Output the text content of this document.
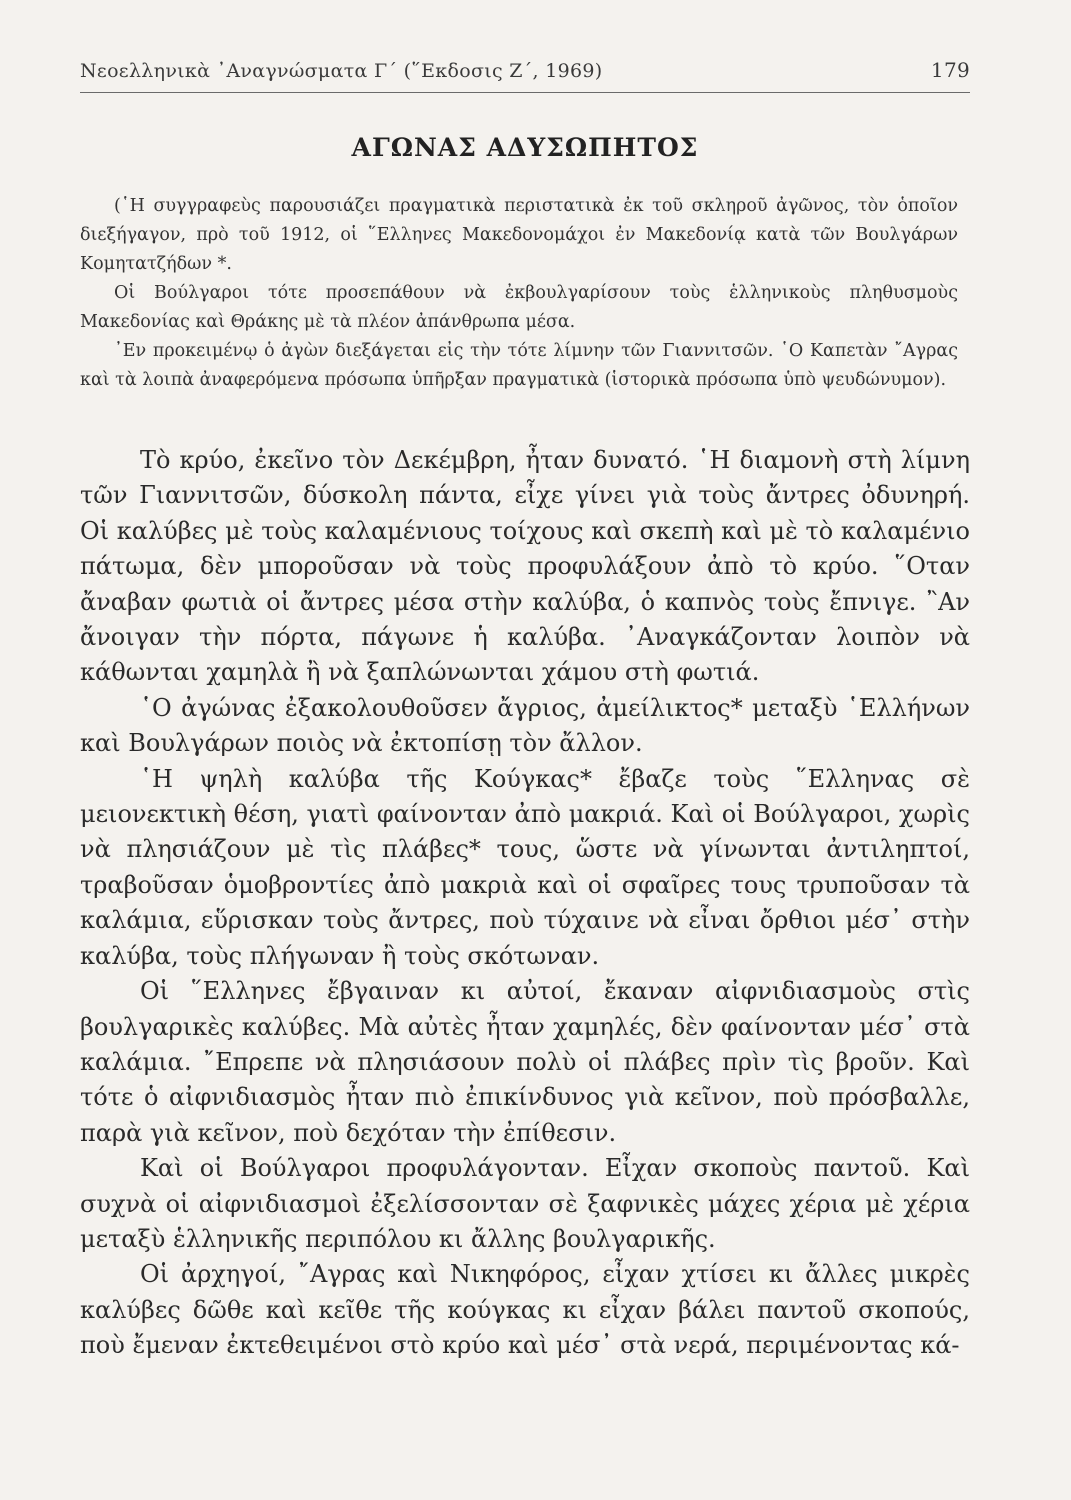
Νεοελληνικὰ ᾿Αναγνώσματα Γ΄ (῞Εκδοσις Ζ΄, 1969)	179
ΑΓΩΝΑΣ ΑΔΥΣΩΠΗΤΟΣ

(῾Η συγγραφεὺς παρουσιάζει πραγματικὰ περιστατικὰ ἐκ τοῦ σκληροῦ ἀγῶνος, τὸν ὁποῖον διεξήγαγον, πρὸ τοῦ 1912, οἱ ῞Ελληνες Μακεδονομάχοι ἐν Μακεδονίᾳ κατὰ τῶν Βουλγάρων Κομητατζήδων *.

Οἱ Βούλγαροι τότε προσεπάθουν νὰ ἐκβουλγαρίσουν τοὺς ἑλληνικοὺς πληθυσμοὺς Μακεδονίας καὶ Θράκης μὲ τὰ πλέον ἀπάνθρωπα μέσα.

᾿Εν προκειμένῳ ὁ ἀγὼν διεξάγεται εἰς τὴν τότε λίμνην τῶν Γιαννιτσῶν. ῾Ο Καπετὰν ῎Αγρας καὶ τὰ λοιπὰ ἀναφερόμενα πρόσωπα ὑπῆρξαν πραγματικὰ (ἱστορικὰ πρόσωπα ὑπὸ ψευδώνυμον).

Τὸ κρύο, ἐκεῖνο τὸν Δεκέμβρη, ἦταν δυνατό. ῾Η διαμονὴ στὴ λίμνη τῶν Γιαννιτσῶν, δύσκολη πάντα, εἶχε γίνει γιὰ τοὺς ἄντρες ὀδυνηρή. Οἱ καλύβες μὲ τοὺς καλαμένιους τοίχους καὶ σκεπὴ καὶ μὲ τὸ καλαμένιο πάτωμα, δὲν μποροῦσαν νὰ τοὺς προφυλάξουν ἀπὸ τὸ κρύο. ῞Οταν ἄναβαν φωτιὰ οἱ ἄντρες μέσα στὴν καλύβα, ὁ καπνὸς τοὺς ἔπνιγε. ῍Αν ἄνοιγαν τὴν πόρτα, πάγωνε ἡ καλύβα. ᾿Αναγκάζονταν λοιπὸν νὰ κάθωνται χαμηλὰ ἢ νὰ ξαπλώνωνται χάμου στὴ φωτιά.

῾Ο ἀγώνας ἐξακολουθοῦσεν ἄγριος, ἀμείλικτος* μεταξὺ ῾Ελλήνων καὶ Βουλγάρων ποιὸς νὰ ἐκτοπίσῃ τὸν ἄλλον.

῾Η ψηλὴ καλύβα τῆς Κούγκας* ἔβαζε τοὺς ῞Ελληνας σὲ μειονεκτικὴ θέση, γιατὶ φαίνονταν ἀπὸ μακριά. Καὶ οἱ Βούλγαροι, χωρὶς νὰ πλησιάζουν μὲ τὶς πλάβες* τους, ὥστε νὰ γίνωνται ἀντιληπτοί, τραβοῦσαν ὁμοβροντίες ἀπὸ μακριὰ καὶ οἱ σφαῖρες τους τρυποῦσαν τὰ καλάμια, εὕρισκαν τοὺς ἄντρες, ποὺ τύχαινε νὰ εἶναι ὄρθιοι μέσ᾿ στὴν καλύβα, τοὺς πλήγωναν ἢ τοὺς σκότωναν.

Οἱ ῞Ελληνες ἔβγαιναν κι αὐτοί, ἔκαναν αἰφνιδιασμοὺς στὶς βουλγαρικὲς καλύβες. Μὰ αὐτὲς ἦταν χαμηλές, δὲν φαίνονταν μέσ᾿ στὰ καλάμια. ῎Επρεπε νὰ πλησιάσουν πολὺ οἱ πλάβες πρὶν τὶς βροῦν. Καὶ τότε ὁ αἰφνιδιασμὸς ἦταν πιὸ ἐπικίνδυνος γιὰ κεῖνον, ποὺ πρόσβαλλε, παρὰ γιὰ κεῖνον, ποὺ δεχόταν τὴν ἐπίθεσιν.

Καὶ οἱ Βούλγαροι προφυλάγονταν. Εἶχαν σκοποὺς παντοῦ. Καὶ συχνὰ οἱ αἰφνιδιασμοὶ ἐξελίσσονταν σὲ ξαφνικὲς μάχες χέρια μὲ χέρια μεταξὺ ἑλληνικῆς περιπόλου κι ἄλλης βουλγαρικῆς.

Οἱ ἀρχηγοί, ῎Αγρας καὶ Νικηφόρος, εἶχαν χτίσει κι ἄλλες μικρὲς καλύβες δῶθε καὶ κεῖθε τῆς κούγκας κι εἶχαν βάλει παντοῦ σκοπούς, ποὺ ἔμεναν ἐκτεθειμένοι στὸ κρύο καὶ μέσ᾿ στὰ νερά, περιμένοντας κά-
